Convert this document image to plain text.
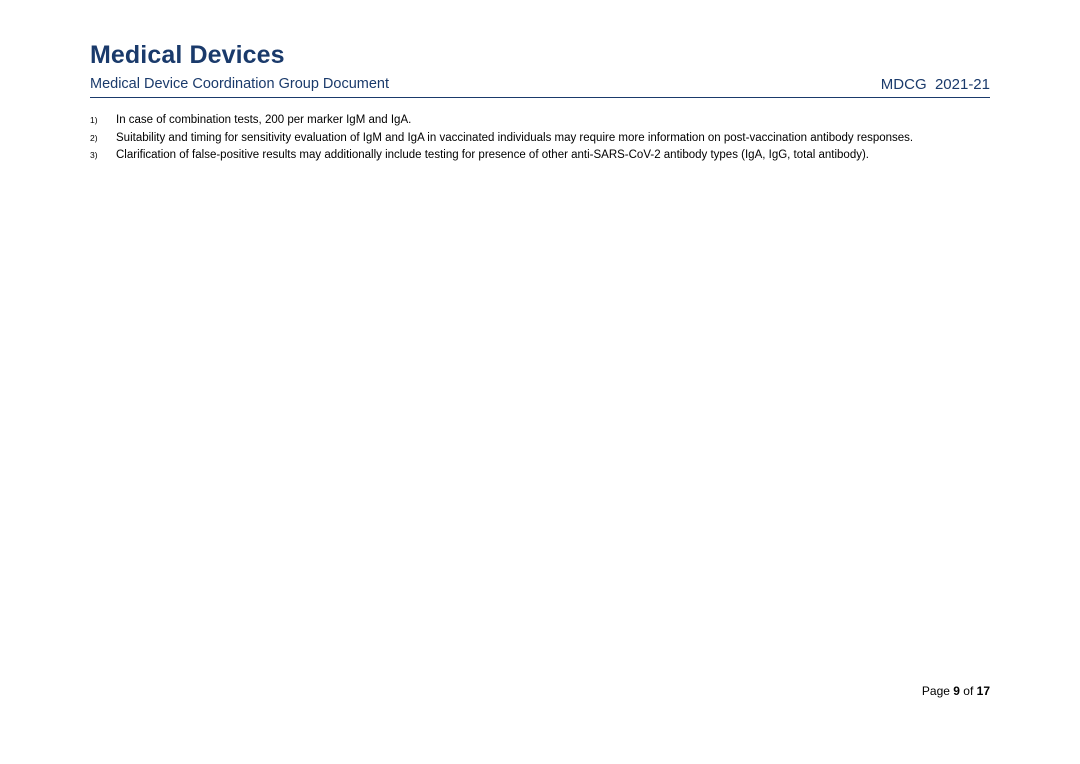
Medical Devices
Medical Device Coordination Group Document	MDCG  2021-21
1)	In case of combination tests, 200 per marker IgM and IgA.
2)	Suitability and timing for sensitivity evaluation of IgM and IgA in vaccinated individuals may require more information on post-vaccination antibody responses.
3)	Clarification of false-positive results may additionally include testing for presence of other anti-SARS-CoV-2 antibody types (IgA, IgG, total antibody).
Page 9 of 17
